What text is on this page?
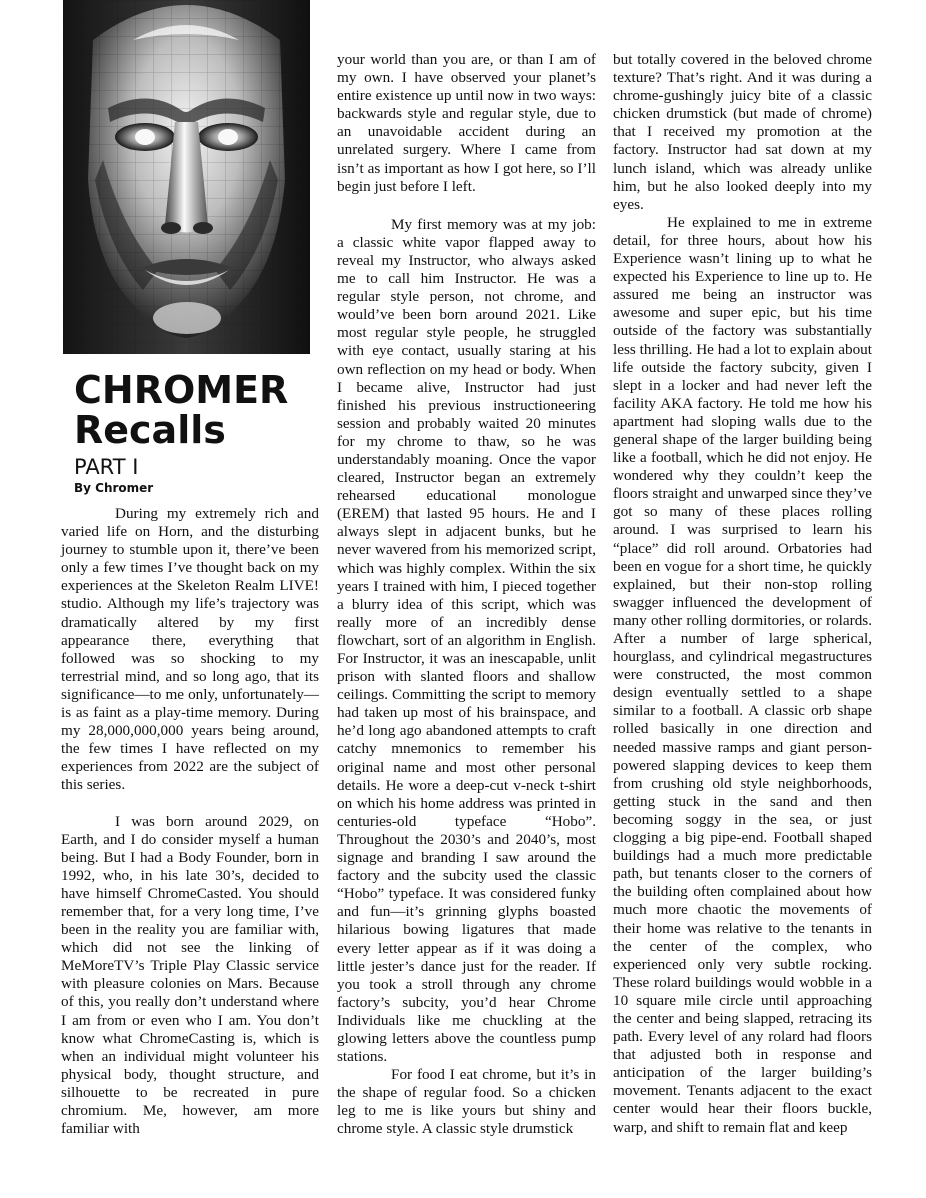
CHROMER
Recalls
PART I
By Chromer

During my extremely rich and varied life on Horn, and the disturbing journey to stumble upon it, there’ve been only a few times I’ve thought back on my experiences at the Skeleton Realm LIVE! studio. Although my life’s trajectory was dramatically altered by my first appearance there, everything that followed was so shocking to my terrestrial mind, and so long ago, that its significance—to me only, unfortunately—is as faint as a play-time memory. During my 28,000,000,000 years being around, the few times I have reflected on my experiences from 2022 are the subject of this series.

I was born around 2029, on Earth, and I do consider myself a human being. But I had a Body Founder, born in 1992, who, in his late 30’s, decided to have himself ChromeCasted. You should remember that, for a very long time, I’ve been in the reality you are familiar with, which did not see the linking of MeMoreTV’s Triple Play Classic service with pleasure colonies on Mars. Because of this, you really don’t understand where I am from or even who I am. You don’t know what ChromeCasting is, which is when an individual might volunteer his physical body, thought structure, and silhouette to be recreated in pure chromium. Me, however, am more familiar with

your world than you are, or than I am of my own. I have observed your planet’s entire existence up until now in two ways: backwards style and regular style, due to an unavoidable accident during an unrelated surgery. Where I came from isn’t as important as how I got here, so I’ll begin just before I left.

My first memory was at my job: a classic white vapor flapped away to reveal my Instructor, who always asked me to call him Instructor. He was a regular style person, not chrome, and would’ve been born around 2021. Like most regular style people, he struggled with eye contact, usually staring at his own reflection on my head or body. When I became alive, Instructor had just finished his previous instructioneering session and probably waited 20 minutes for my chrome to thaw, so he was understandably moaning. Once the vapor cleared, Instructor began an extremely rehearsed educational monologue (EREM) that lasted 95 hours. He and I always slept in adjacent bunks, but he never wavered from his memorized script, which was highly complex. Within the six years I trained with him, I pieced together a blurry idea of this script, which was really more of an incredibly dense flowchart, sort of an algorithm in English. For Instructor, it was an inescapable, unlit prison with slanted floors and shallow ceilings. Committing the script to memory had taken up most of his brainspace, and he’d long ago abandoned attempts to craft catchy mnemonics to remember his original name and most other personal details. He wore a deep-cut v-neck t-shirt on which his home address was printed in centuries-old typeface “Hobo”. Throughout the 2030’s and 2040’s, most signage and branding I saw around the factory and the subcity used the classic “Hobo” typeface. It was considered funky and fun—it’s grinning glyphs boasted hilarious bowing ligatures that made every letter appear as if it was doing a little jester’s dance just for the reader. If you took a stroll through any chrome factory’s subcity, you’d hear Chrome Individuals like me chuckling at the glowing letters above the countless pump stations.

For food I eat chrome, but it’s in the shape of regular food. So a chicken leg to me is like yours but shiny and chrome style. A classic style drumstick

but totally covered in the beloved chrome texture? That’s right. And it was during a chrome-gushingly juicy bite of a classic chicken drumstick (but made of chrome) that I received my promotion at the factory. Instructor had sat down at my lunch island, which was already unlike him, but he also looked deeply into my eyes.

He explained to me in extreme detail, for three hours, about how his Experience wasn’t lining up to what he expected his Experience to line up to. He assured me being an instructor was awesome and super epic, but his time outside of the factory was substantially less thrilling. He had a lot to explain about life outside the factory subcity, given I slept in a locker and had never left the facility AKA factory. He told me how his apartment had sloping walls due to the general shape of the larger building being like a football, which he did not enjoy. He wondered why they couldn’t keep the floors straight and unwarped since they’ve got so many of these places rolling around. I was surprised to learn his “place” did roll around. Orbatories had been en vogue for a short time, he quickly explained, but their non-stop rolling swagger influenced the development of many other rolling dormitories, or rolards. After a number of large spherical, hourglass, and cylindrical megastructures were constructed, the most common design eventually settled to a shape similar to a football. A classic orb shape rolled basically in one direction and needed massive ramps and giant person-powered slapping devices to keep them from crushing old style neighborhoods, getting stuck in the sand and then becoming soggy in the sea, or just clogging a big pipe-end. Football shaped buildings had a much more predictable path, but tenants closer to the corners of the building often complained about how much more chaotic the movements of their home was relative to the tenants in the center of the complex, who experienced only very subtle rocking. These rolard buildings would wobble in a 10 square mile circle until approaching the center and being slapped, retracing its path. Every level of any rolard had floors that adjusted both in response and anticipation of the larger building’s movement. Tenants adjacent to the exact center would hear their floors buckle, warp, and shift to remain flat and keep
